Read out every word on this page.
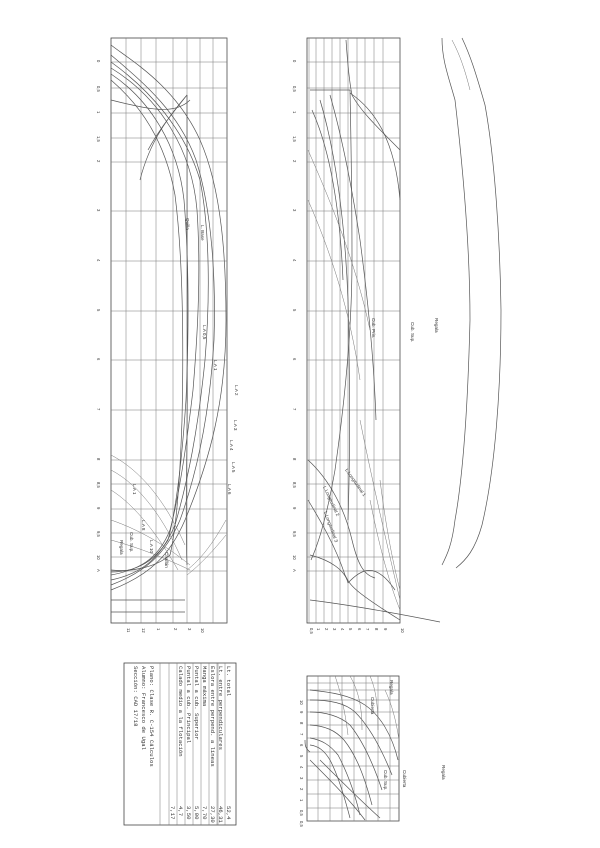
L. Base
Quilla
L.A 0,5
L.A 1
L.A 2
L.A 3
L.A 4
L.A 5
L.A 6
L.A 1
L.A 8
L.A 10
Cub. Sup.
Regala
Chaflán
0
0,5
1
1,5
2
3
4
5
6
7
8
8,5
9
9,5
10
A
11 12 1	2 3 10
Cub. Prin.
L.Longitudinal 1
L.Longitudinal 2
L.Longitudinal 3
0
0,5
1
1,5
2
3
4
5
6
7
8
8,5
9
9,5
10
A
0,5 1 2 3 4 5 6 7 8 9	10
Regala
Cub. Sup.
Regala
Cubierta
Cub. Sup.	Cubierta	Regala
10
9
8
7
6
5
4
3
2
1
0,5
0,5
Lt. total
52,4
Lt. entre perpendiculares
46,31
Eslora entre perpend. a líneas
27,30
Manga máxima
7,70
Puntal a cub. Superior
5,00
Puntal a cub. Principal
3,50
Calado medio a la flotación
4,7
7,17
Plano: Clase R. C-154 Cálculos
Alumno: Francesco de Ugal
Sección: CAD 17/18
